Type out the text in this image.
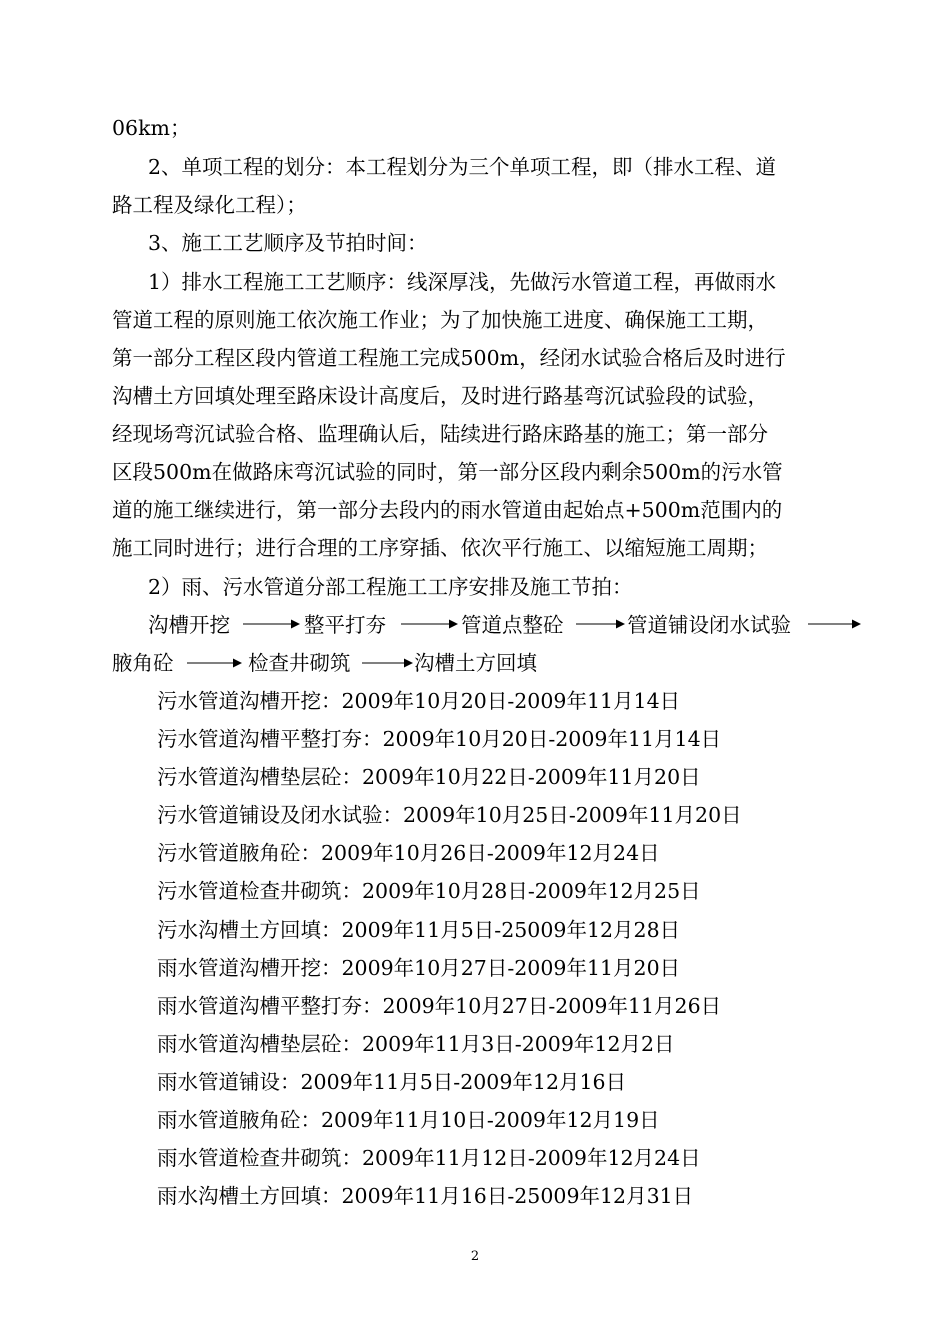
06km；
2、单项工程的划分：本工程划分为三个单项工程，即（排水工程、道
路工程及绿化工程）；
3、施工工艺顺序及节拍时间：
1）排水工程施工工艺顺序：线深厚浅，先做污水管道工程，再做雨水
管道工程的原则施工依次施工作业；为了加快施工进度、确保施工工期，
第一部分工程区段内管道工程施工完成500m，经闭水试验合格后及时进行
沟槽土方回填处理至路床设计高度后，及时进行路基弯沉试验段的试验，
经现场弯沉试验合格、监理确认后，陆续进行路床路基的施工；第一部分
区段500m在做路床弯沉试验的同时，第一部分区段内剩余500m的污水管
道的施工继续进行，第一部分去段内的雨水管道由起始点+500m范围内的
施工同时进行；进行合理的工序穿插、依次平行施工、以缩短施工周期；
2）雨、污水管道分部工程施工工序安排及施工节拍：
沟槽开挖	整平打夯	管道点整砼	管道铺设闭水试验
腋角砼	检查井砌筑	沟槽土方回填
污水管道沟槽开挖：2009年10月20日-2009年11月14日
污水管道沟槽平整打夯：2009年10月20日-2009年11月14日
污水管道沟槽垫层砼：2009年10月22日-2009年11月20日
污水管道铺设及闭水试验：2009年10月25日-2009年11月20日
污水管道腋角砼：2009年10月26日-2009年12月24日
污水管道检查井砌筑：2009年10月28日-2009年12月25日
污水沟槽土方回填：2009年11月5日-25009年12月28日
雨水管道沟槽开挖：2009年10月27日-2009年11月20日
雨水管道沟槽平整打夯：2009年10月27日-2009年11月26日
雨水管道沟槽垫层砼：2009年11月3日-2009年12月2日
雨水管道铺设：2009年11月5日-2009年12月16日
雨水管道腋角砼：2009年11月10日-2009年12月19日
雨水管道检查井砌筑：2009年11月12日-2009年12月24日
雨水沟槽土方回填：2009年11月16日-25009年12月31日
2
